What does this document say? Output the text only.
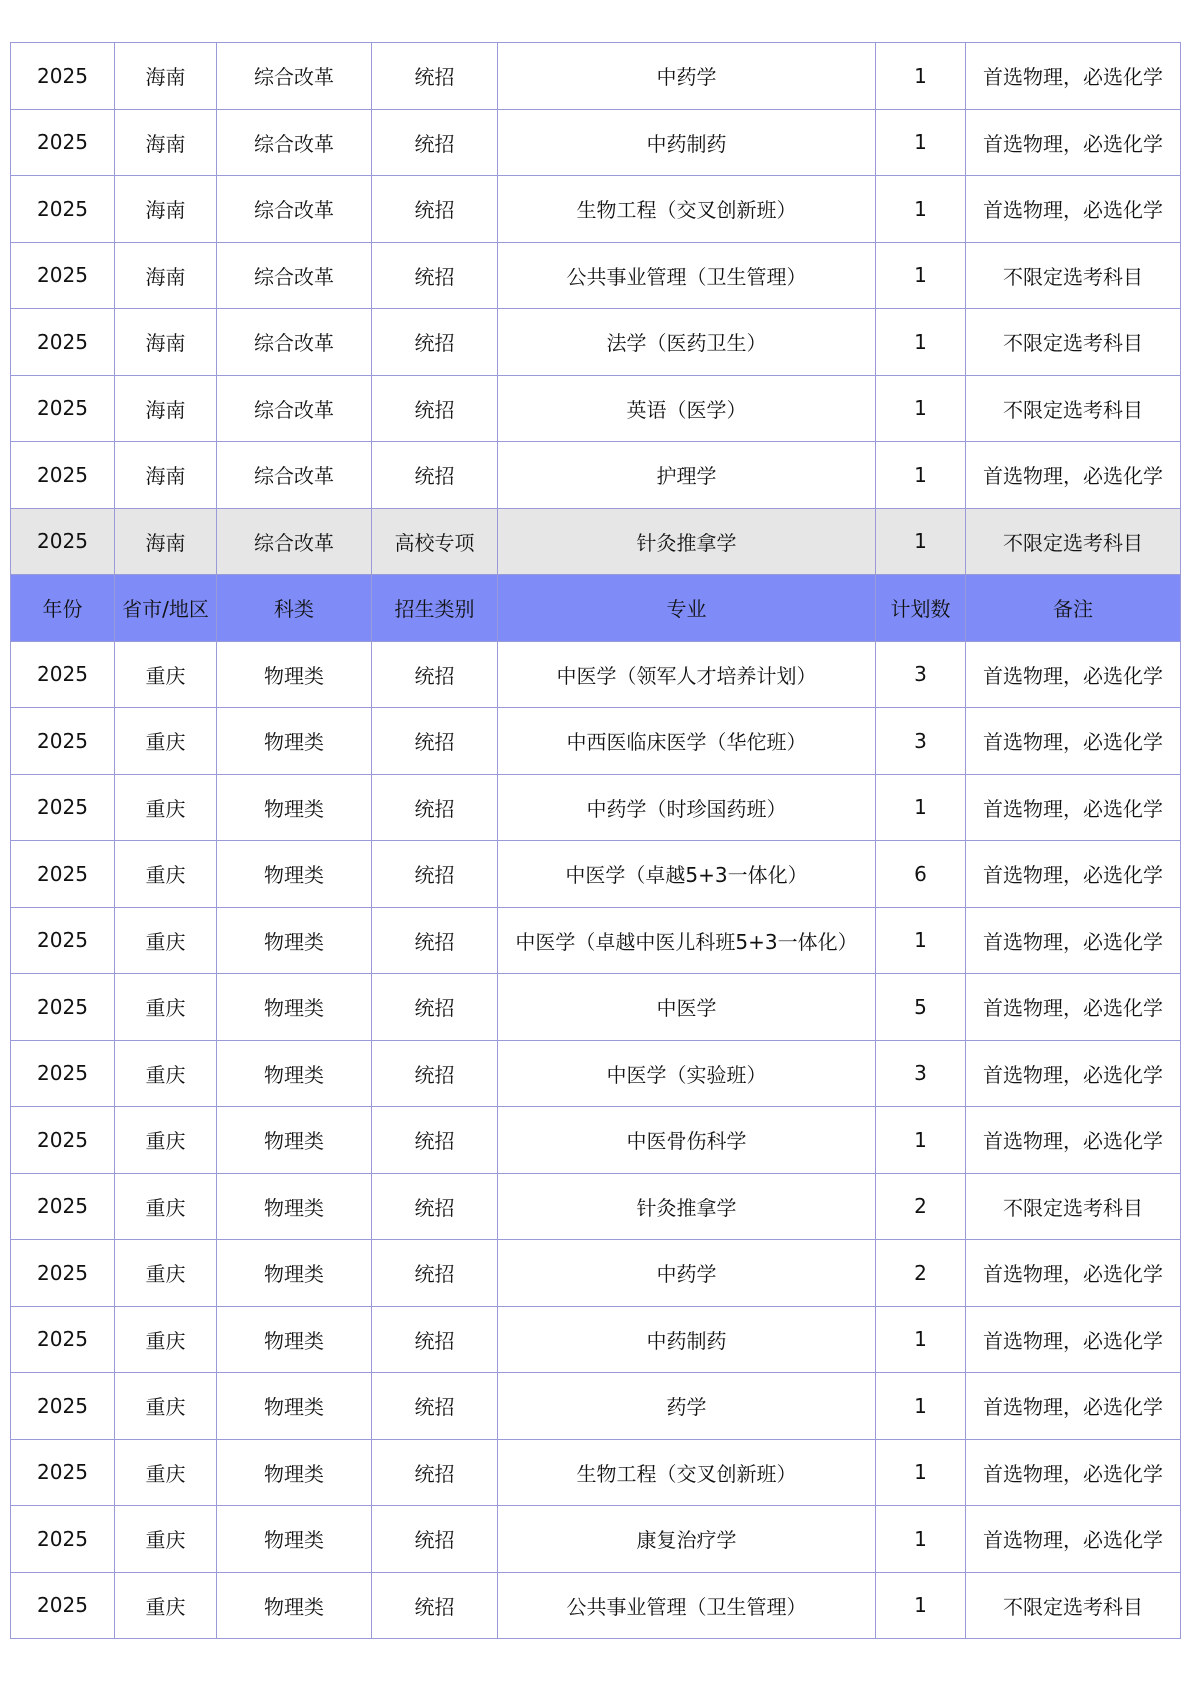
2025	海南	综合改革	统招	中药学	1	首选物理，必选化学
2025	海南	综合改革	统招	中药制药	1	首选物理，必选化学
2025	海南	综合改革	统招	生物工程（交叉创新班）	1	首选物理，必选化学
2025	海南	综合改革	统招	公共事业管理（卫生管理）	1	不限定选考科目
2025	海南	综合改革	统招	法学（医药卫生）	1	不限定选考科目
2025	海南	综合改革	统招	英语（医学）	1	不限定选考科目
2025	海南	综合改革	统招	护理学	1	首选物理，必选化学
2025	海南	综合改革	高校专项	针灸推拿学	1	不限定选考科目
年份	省市/地区	科类	招生类别	专业	计划数	备注
2025	重庆	物理类	统招	中医学（领军人才培养计划）	3	首选物理，必选化学
2025	重庆	物理类	统招	中西医临床医学（华佗班）	3	首选物理，必选化学
2025	重庆	物理类	统招	中药学（时珍国药班）	1	首选物理，必选化学
2025	重庆	物理类	统招	中医学（卓越5+3一体化）	6	首选物理，必选化学
2025	重庆	物理类	统招	中医学（卓越中医儿科班5+3一体化）	1	首选物理，必选化学
2025	重庆	物理类	统招	中医学	5	首选物理，必选化学
2025	重庆	物理类	统招	中医学（实验班）	3	首选物理，必选化学
2025	重庆	物理类	统招	中医骨伤科学	1	首选物理，必选化学
2025	重庆	物理类	统招	针灸推拿学	2	不限定选考科目
2025	重庆	物理类	统招	中药学	2	首选物理，必选化学
2025	重庆	物理类	统招	中药制药	1	首选物理，必选化学
2025	重庆	物理类	统招	药学	1	首选物理，必选化学
2025	重庆	物理类	统招	生物工程（交叉创新班）	1	首选物理，必选化学
2025	重庆	物理类	统招	康复治疗学	1	首选物理，必选化学
2025	重庆	物理类	统招	公共事业管理（卫生管理）	1	不限定选考科目
